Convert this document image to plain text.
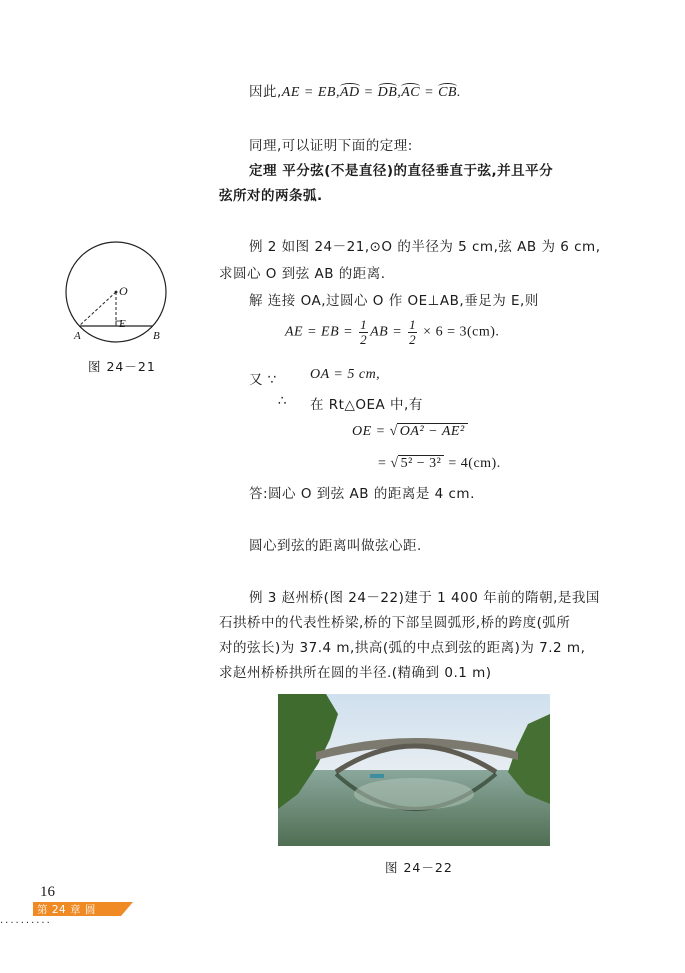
因此,AE = EB,AD = DB,AC = CB.
同理,可以证明下面的定理:
定理 平分弦(不是直径)的直径垂直于弦,并且平分
弦所对的两条弧.
例 2 如图 24－21,⊙O 的半径为 5 cm,弦 AB 为 6 cm,
求圆心 O 到弦 AB 的距离.
解 连接 OA,过圆心 O 作 OE⊥AB,垂足为 E,则
AE = EB = $\frac{1}{2}$ AB = $\frac{1}{2} \times 6 = 3(cm)$.
又 ∵ OA = 5 cm,
∴ 在 Rt△OEA 中,有
OE = √ OA² − AE²
= √ 5² − 3² = 4(cm).
答:圆心 O 到弦 AB 的距离是 4 cm.
圆心到弦的距离叫做弦心距.
例 3 赵州桥(图 24－22)建于 1 400 年前的隋朝,是我国
石拱桥中的代表性桥梁,桥的下部呈圆弧形,桥的跨度(弧所
对的弦长)为 37.4 m,拱高(弧的中点到弦的距离)为 7.2 m,
求赵州桥桥拱所在圆的半径.(精确到 0.1 m)
O
A	B
E
图 24－21
图 24－22
16
第 24 章 圆
··········
